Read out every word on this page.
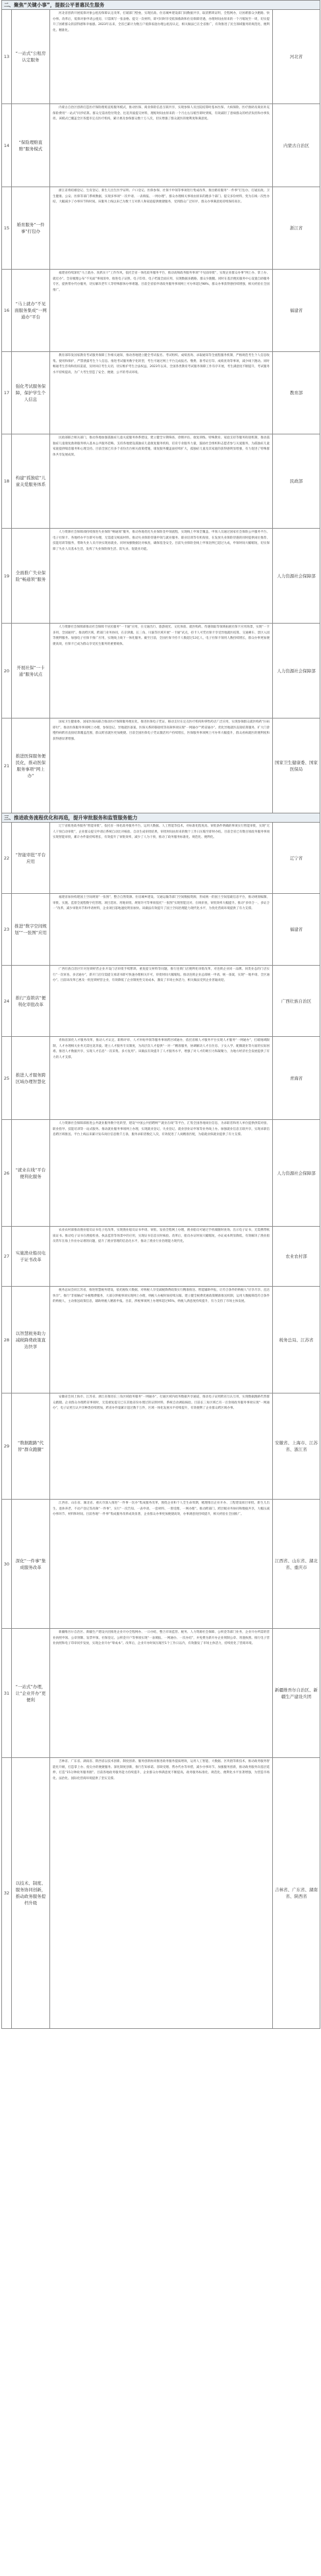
二、聚焦“关键小事”，提振公平普惠民生服务			
13	“一站式”公租房认定服务	河北省创新开展低保对象公租房保障认定改革，打破部门壁垒，实现民政、住房城乡建设部门间数据共享，取消繁琐证明，全程网办，让困难群众少跑路、快办事。改革后，低保对象申请公租房，只需填写一张表格、提交一次材料，即可同时享受低保救助和住房保障待遇，办理时间由原来的一个月缩短至一周，切实提升了困难群众的获得感和幸福感。2023年以来，全省已累计为数万户低保家庭办理公租房认定，相关做法已在全省推广，有效推进了民生领域服务的规范化、便利化、精准化。	河北省
14	“保险理赔直赔”服务模式	内蒙古自治区创新打造医疗保险理赔直赔服务模式，推动医保、商业保险信息互联共享，实现参保人员出院结算时基本医保、大病保险、医疗救助及商业补充保险费用“一站式”同步结算。群众无需再垫付资金、往返奔波提交材料，理赔时间由原来的一个月左右压缩至即时到账，有效减轻了患病群众的经济负担和办事负担。该模式已覆盖全区各盟市定点医疗机构，累计惠及参保群众数十万人次，切实增强了群众就医的便利度和满意度。	内蒙古自治区
15	婚育服务“一件事”打包办	浙江省将结婚登记、生育登记、新生儿出生医学证明、户口登记、医保参保、社保卡申领等事项进行集成改革，推出婚育服务“一件事”打包办，打通民政、卫生健康、公安、医保等部门系统数据，实现多事项“一次申请、一表填报、一网办理”。群众办理相关事项由原来的跑多个部门、提交多份材料，变为在线一次性办结，大幅减少了办事环节和时间。该服务上线以来已为数十万对新人和家庭提供便捷服务，受到群众广泛好评，群众办事满意度持续保持高位。	浙江省
16	“马上就办”不见面服务集成“一网通办”平台	福建省持续深化“马上就办、真抓实干”工作作风，依托全省一体化政务服务平台，推动高频政务服务事项“不见面审批”，实现企业群众办事“网上办、掌上办、就近办”。全省梳理公布“不见面”事项清单，推进电子证照、电子印章、电子档案全面应用，实现数据多跑路、群众少跑腿。同时在基层便民服务中心设置自助服务专区，提供帮办代办服务，切实解决老年人等特殊群体办事难题。目前全省依申请政务服务事项网上可办率超过98%，群众办事获得感持续增强，相关经验在全国推广。	福建省
17	强化考试服务保障，保护学生个人信息	教育部印发国家教育考试服务保障工作相关通知，推动各地建立健全考试报名、考试组织、成绩查询、录取通知等全流程服务机制，严格规范考生个人信息收集、使用和保护，严禁泄露考生个人信息。推进考试服务数字化转型，考生可通过网上平台完成报名、缴费、准考证打印、成绩查询等事项，减少线下跑动。同时畅通考生咨询和投诉渠道，及时回应考生关切，切实维护考生合法权益。2023年以来，全国各类教育考试服务保障工作有序开展，考生满意度不断提升，考试服务水平持续提高，为广大考生营造了安全、便捷、公平的考试环境。	教育部
18	构建“孤独症”儿童关爱服务体系	民政部联合相关部门，推动各地加强孤独症儿童关爱服务体系建设，建立健全早期筛查、诊断评估、康复训练、特殊教育、家庭支持等服务衔接机制，推动孤独症儿童康复救助服务纳入基本公共服务范畴。支持各地建设孤独症儿童康复服务机构，培育专业服务力量，鼓励社会组织和志愿者参与关爱服务，为孤独症儿童家庭提供喘息服务和心理支持。目前全国已有多个省份出台相关政策措施，康复服务覆盖面持续扩大，孤独症儿童及其家庭的获得感明显增强，有力促进了特殊群体共享发展成果。	民政部
19	全面推广失业保险“畅通领”服务	人力资源社会保障部持续推进失业保险“畅通领”服务，推动各地优化失业保险金申领流程，实现线上申领全覆盖，申领人员通过国家社会保险公共服务平台、电子社保卡、各地经办平台即可办理，无需提交纸质材料。推动失业保险待遇申领与就业服务、职业培训等有机衔接，在发放失业保险待遇的同时提供岗位推荐、技能培训等服务，帮助失业人员尽快实现再就业。同时加强数据比对核查，确保基金安全。目前失业保险金线上申领比例已超过九成，申领时间大幅缩短，切实保障了失业人员基本生活，发挥了失业保险保生活、防失业、促就业功能。	人力资源社会保障部
20	开展社保“一卡通”服务试点	人力资源社会保障部推动社会保障卡居民服务“一卡通”应用，在交通出行、旅游观光、文化体验、就医购药、待遇领取等领域拓展社保卡应用场景，实现“一卡多用、全国通用”。推动跨区域、跨部门业务协同，在京津冀、长三角、川渝等区域开展“一卡通”试点，持卡人可凭社保卡享受异地就医结算、交通乘车、景区入园等便利服务。加强电子社保卡推广应用，实现线上线下一体化服务。截至目前，全国社保卡持卡人数超过13亿人，电子社保卡领用人数持续增长，群众办事更加便捷高效，社保卡已成为群众享受民生服务的重要载体。	人力资源社会保障部
21	推进医保服务便民化，推动医保服务事项“网上办”	国家卫生健康委、国家医保局联合推动医疗保障服务便民化，推进医保电子凭证、移动支付在定点医疗机构和零售药店广泛应用，实现参保群众就医购药“扫码即付”。推动医保服务事项网上办理，参保登记、异地就医备案、医保关系转移接续等高频事项实现“一网通办”“跨省通办”。优化异地就医直接结算服务，扩大门诊慢特病跨省直接结算覆盖范围，群众跨省就医更加便捷。目前全国医保电子凭证激活用户持续增长，医保服务事项网上可办率大幅提升，群众看病就医的便利度和获得感显著增强。	国家卫生健康委、国家医保局
三、推进政务流程优化和再造，提升审批服务和监管服务能力			
22	“智能审批”平台应用	辽宁省推进政务服务“智能审批”，依托省一体化政务服务平台，运用大数据、人工智能等技术，对标准化程度高、审批条件明确的事项实行智能审批，实现“无人干预自动审批”，企业群众提交申请后系统自动比对核验、自动生成审批结果，审批时间由原来的数个工作日压缩至即时办结。目前全省已有数百项政务服务事项实现智能审批，累计办件量持续增长，有效提升了审批效率，减少了人为干预，推动了政务服务标准化、规范化、便利化。	辽宁省
23	推进“数字空间规划”“一张图”应用	福建省加快构建国土空间规划“一张图”，整合自然资源、住房城乡建设、交通运输等部门空间数据资源，形成统一的国土空间基础信息平台，推动规划编制、审批、实施、监督全流程数字化管理。项目选址、用地审批、规划许可等事项依托“一张图”实现智能比对、在线审查，审批效率大幅提升。推动“多审合一、多证合一”改革，减少审批环节和申请材料，企业项目落地速度明显加快。该做法有效提升了国土空间治理能力现代化水平，为优化营商环境提供了有力支撑。	福建省
24	推行“连锁店”便利化审批改革	广西壮族自治区针对连锁经营企业开设门店审批手续繁琐、重复提交材料等问题，推行连锁门店便利化审批改革，对连锁企业同一品牌、同类业态的门店实行“一次审查、多店通办”，新开门店仅需提交承诺书即可快速办理相关许可，审批时间大幅缩短。推动连锁企业总部统一申请、统一备案，实现“一地申请、全区通办”。目前该改革已惠及一批连锁经营企业，有效降低了企业制度性交易成本，激发了市场主体活力，相关做法受到企业普遍欢迎。	广西壮族自治区
25	推进人才服务跨区域办理智慧化	青海省深化人才服务改革，推动人才认定、职称评审、人才补贴申领等服务事项跨区域通办，依托省级人才服务平台实现人才服务“一网通办”，打破地域限制，人才办理相关业务无需往返奔波。建立人才服务专员制度，为高层次人才提供“一对一”精准服务，协调解决人才在住房、子女入学、配偶就业等方面的实际困难。推进人才数据共享，实现人才信息“一次采集、多方复用”。该做法有效提升了人才服务水平，增强了对人才的吸引力和凝聚力，为地方经济社会发展提供了有力的人才支撑。	青海省
26	“就业在线”平台便利化服务	人力资源社会保障部推进公共就业服务数字化转型，建设“中国公共招聘网”“就业在线”等平台，汇集全国各地岗位信息，为求职者和用人单位提供供需对接、职业指导、技能培训等一站式服务。推动就业服务事项网上办理，实现就业登记、失业登记、就业创业证申领等业务线上办。加强就业信息互联共享，实现求职信息跨区域推送。平台上线以来累计发布岗位信息数千万条，服务求职者数亿人次，有效促进了人岗精准匹配，为稳就业保就业提供了有力支撑。	人力资源社会保障部
27	实施渔业船员电子证书改革	农业农村部推动渔业船员证书电子化改革，实现渔业船员证书申请、审批、发放全程网上办理，渔业船员可通过手机端随时查询、出示电子证书，无需携带纸质证书。推动电子证书在渔船检查、执法监管等场景中的应用，实现证书信息实时核验。改革后，船员办证时间大幅缩短，办证成本明显降低，有效解决了渔业船员常年在海上作业办证难的问题，提升了渔业管理的信息化水平，推动了渔业行业治理能力现代化。	农业农村部
28	以智慧税务助力减税降费政策直达快享	税务总局会同江苏省，推进智慧税务建设，依托税收大数据，对纳税人享受减税降费政策实行精准推送、智能辅助申报，让符合条件的纳税人“应享尽享、直达快享”。推行“非接触式”办税缴费服务，大部分涉税事项实现网上办理，纳税人办税时间持续压缩。建立健全税费优惠政策精准推送机制，运用大数据筛选符合条件的纳税人，主动推送政策信息，辅助纳税人精准申报。目前，涉税事项网上办理率超过95%，纳税人满意度持续提升，有力支持了市场主体发展。	税务总局、江苏省
29	“数据跑路”代替“群众跑腿”	安徽省会同上海市、江苏省、浙江省推进长三角区域政务服务“一网通办”，打通区域内政务数据共享通道，推动电子证照跨省互认互用，实现数据跑路代替群众跑腿。企业群众办理跨省事项时，无需重复提交已在其他省份办理过的证照材料，系统自动调取核验。目前长三角区域已有一百余项政务服务事项实现“一网通办”，电子证照互认共享种类持续增加，跨省办件量累计超过数千万件，区域一体化发展水平持续提升，有效便利了企业群众跨区域办事。	安徽省、上海市、江苏省、浙江省
30	深化“一件事”集成服务改革	江西省、山东省、湖北省、重庆市深入推进“一件事一次办”集成服务改革，围绕企业和个人全生命周期，梳理推出企业开办、工程建设项目审批、新生儿出生、退休养老、不动产登记等高频“一件事”，实行“一次告知、一表申请、一套材料、一窗受理、一网办理”。推动跨部门、跨层级业务协同和数据共享，大幅压减办事环节、材料和时间。目前各地“一件事”集成服务改革成效显著，企业群众办事更加便捷高效，办事满意度持续提升，相关经验在全国推广。	江西省、山东省、湖北省、重庆市
31	“一站式”办理，让“企业开办”更便利	新疆维吾尔自治区、新疆生产建设兵团推进企业开办全程网办、一日办结，整合市场监管、税务、人力资源社会保障、公积金等部门业务，企业开办所需的营业执照申领、公章刻制、发票申领、社保登记、公积金开户等事项实现“一表填报、一网通办、一次办结”，并免费为新开办企业刻制公章、寄递执照。推行电子营业执照和电子印章同步发放，实现企业开办“零成本”。改革后，企业开办时间压缩至1个工作日以内，有效激发了市场主体活力，持续优化了营商环境。	新疆维吾尔自治区、新疆生产建设兵团
32	以技术、制度、服务协同创新，推动政务服务提档升级	吉林省、广东省、湖南省、陕西省以技术创新、制度创新、服务创新协同推进政务服务提质增效，运用人工智能、大数据、区块链等新技术，推动政务服务智能化升级，打造掌上办、指尖办的便捷服务。深化制度创新，推行告知承诺、容缺受理、帮办代办等举措，减少办事环节。加强服务创新，推动政务服务向基层延伸，打造“15分钟政务服务圈”。目前各地政务服务能力持续提升，企业群众办事满意度不断提高，政务服务标准化、规范化、便利化水平显著增强，为营造市场化、法治化、国际化营商环境提供了坚实支撑。	吉林省、广东省、湖南省、陕西省
